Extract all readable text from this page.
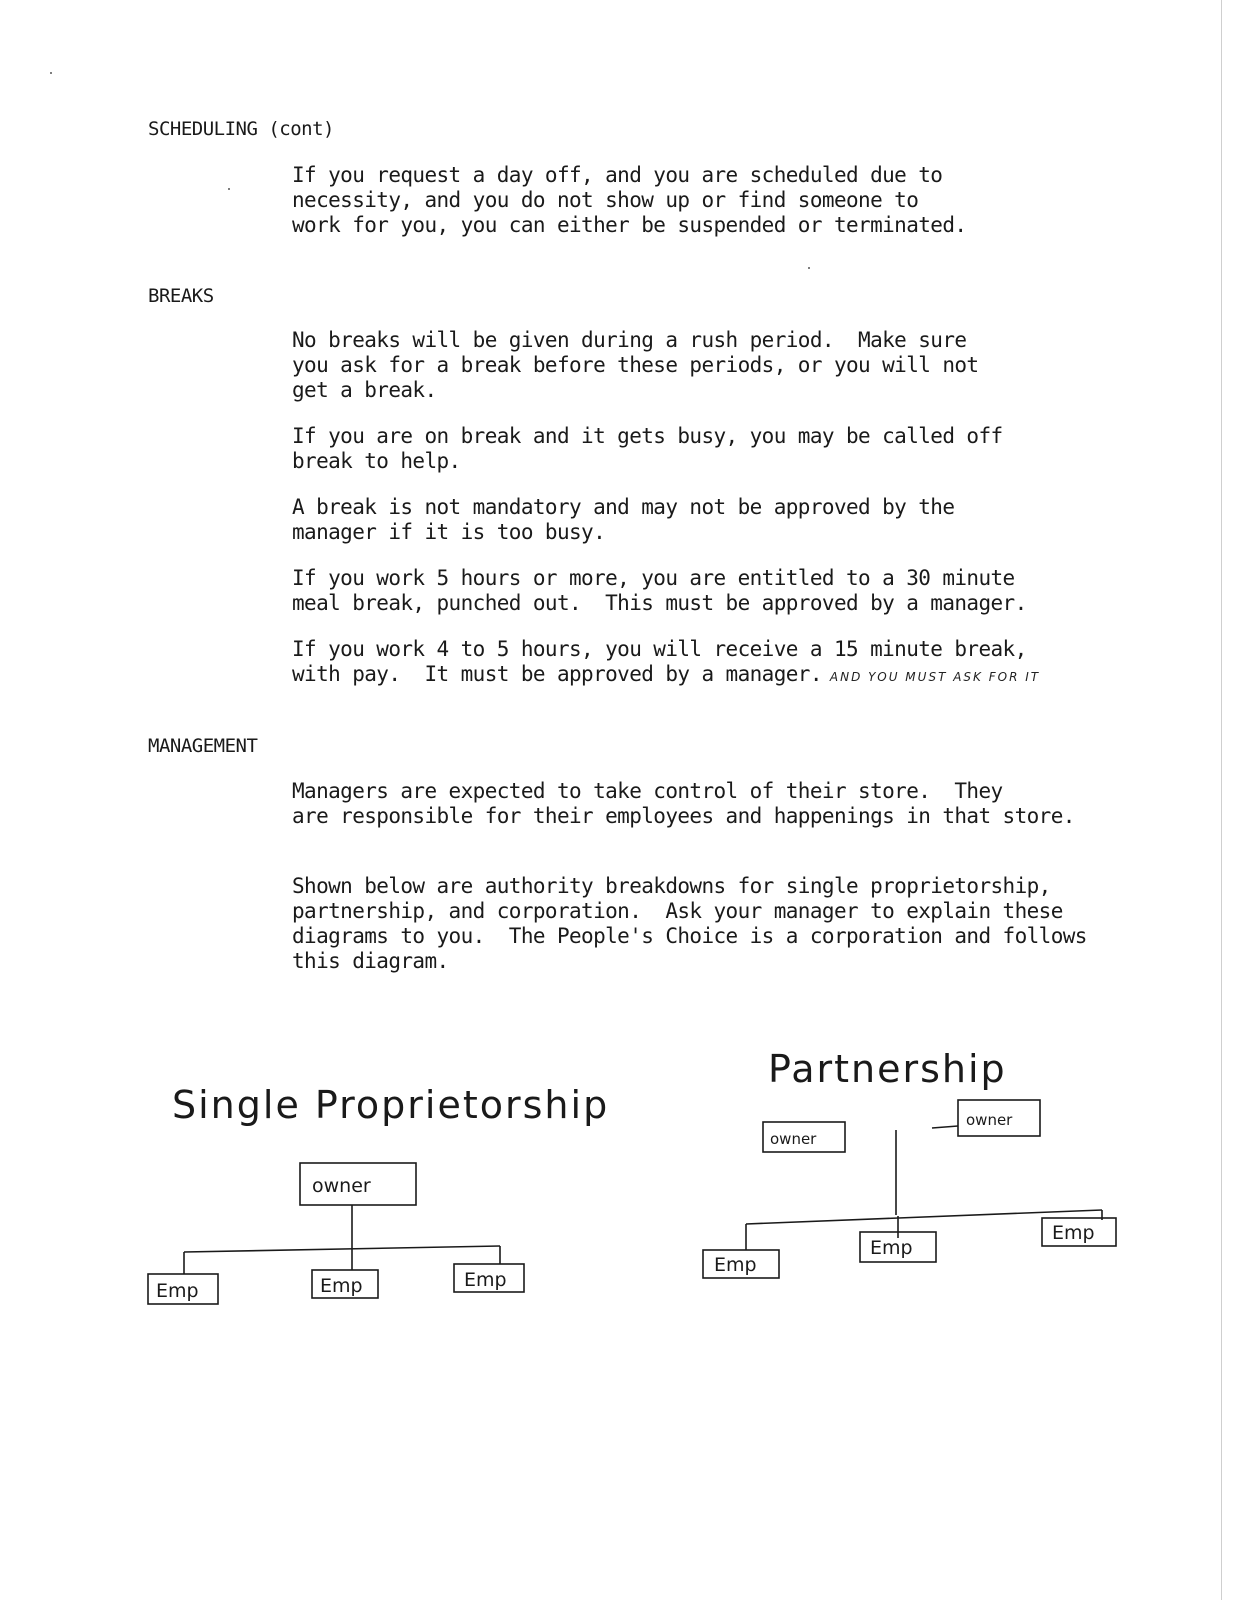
SCHEDULING (cont)
If you request a day off, and you are scheduled due to
necessity, and you do not show up or find someone to
work for you, you can either be suspended or terminated.
BREAKS
No breaks will be given during a rush period.  Make sure
you ask for a break before these periods, or you will not
get a break.
If you are on break and it gets busy, you may be called off
break to help.
A break is not mandatory and may not be approved by the
manager if it is too busy.
If you work 5 hours or more, you are entitled to a 30 minute
meal break, punched out.  This must be approved by a manager.
If you work 4 to 5 hours, you will receive a 15 minute break,
with pay.  It must be approved by a manager. AND YOU MUST ASK FOR IT
MANAGEMENT
Managers are expected to take control of their store.  They
are responsible for their employees and happenings in that store.
Shown below are authority breakdowns for single proprietorship,
partnership, and corporation.  Ask your manager to explain these
diagrams to you.  The People's Choice is a corporation and follows
this diagram.
Single Proprietorship
owner
Emp	Emp	Emp
Partnership
owner
owner
Emp
Emp
Emp
